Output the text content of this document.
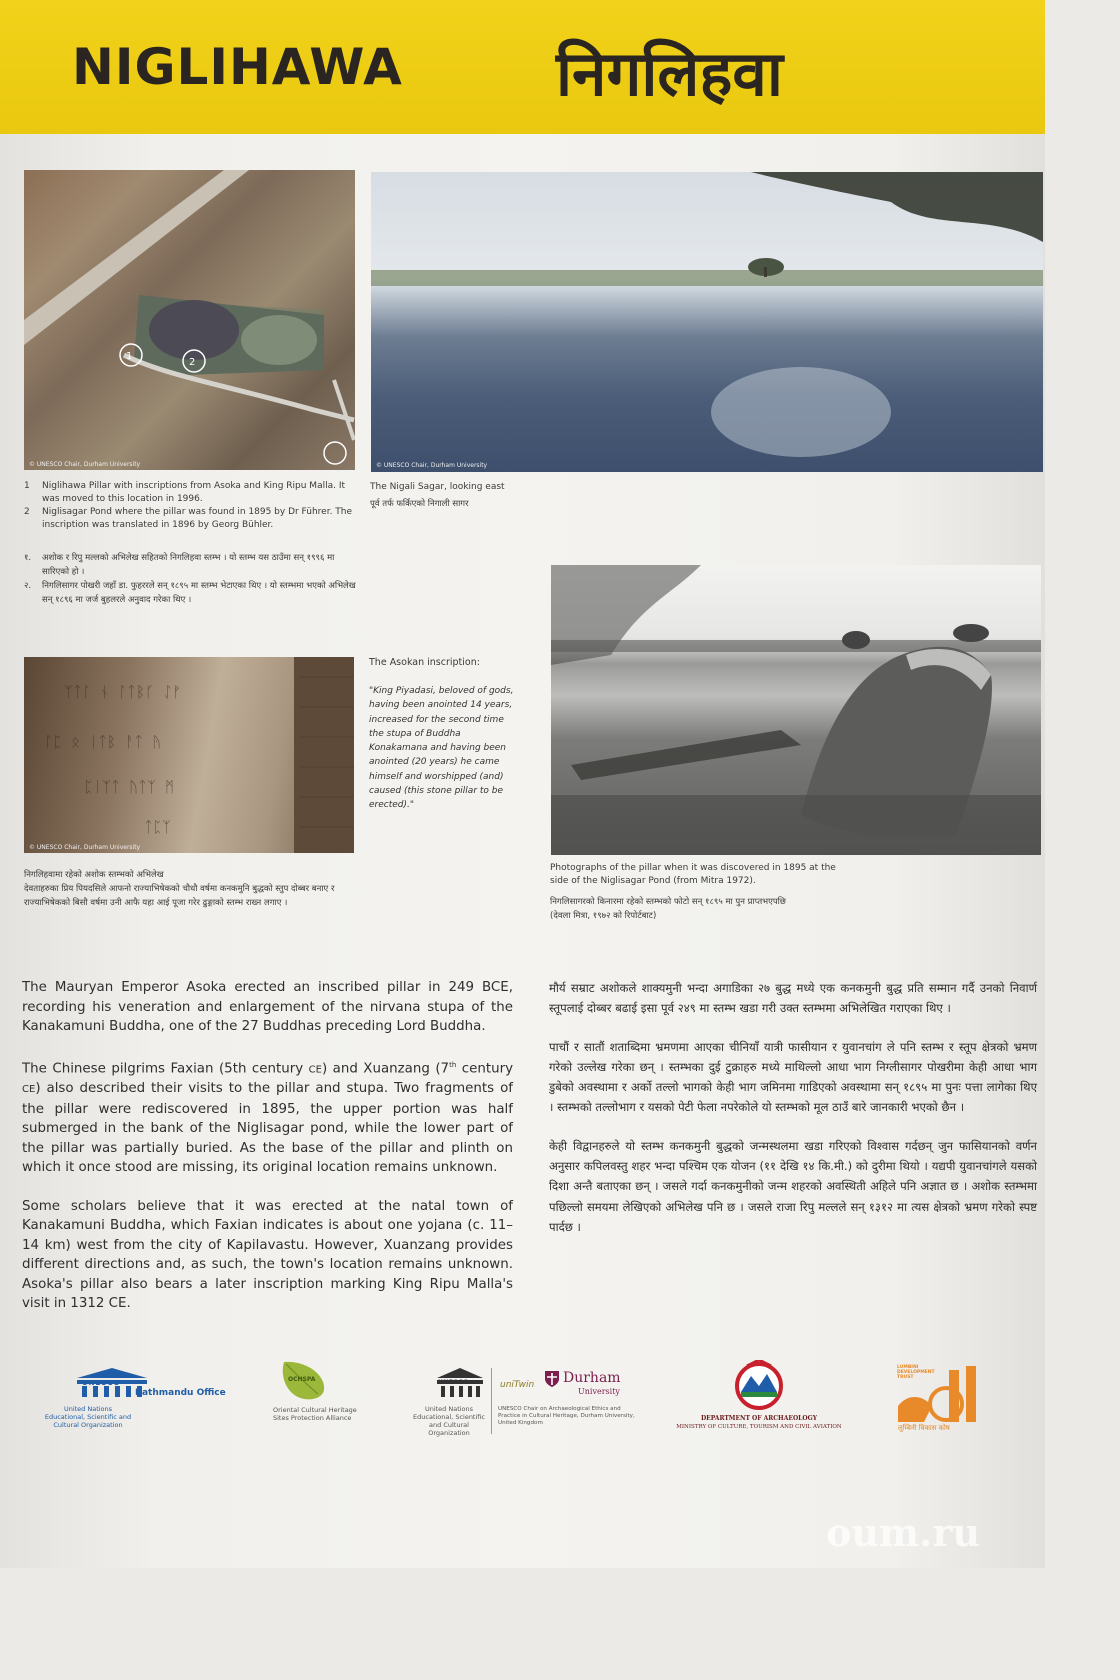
NIGLIHAWA निगलिहवा
1
2
© UNESCO Chair, Durham University	© UNESCO Chair, Durham University
1	Niglihawa Pillar with inscriptions from Asoka and King Ripu Malla. It was moved to this location in 1996.
2	Niglisagar Pond where the pillar was found in 1895 by Dr Führer. The inscription was translated in 1896 by Georg Bühler.
१.	अशोक र रिपु मल्लको अभिलेख सहितको निगलिहवा स्तम्भ । यो स्तम्भ यस ठाउँमा सन् १९९६ मा सारिएको हो ।
२.	निगलिसागर पोखरी जहाँ डा. फुहररले सन् १८९५ मा स्तम्भ भेटाएका थिए । यो स्तम्भमा भएको अभिलेख सन् १८९६ मा जर्ज बुहलरले अनुवाद गरेका थिए ।
The Nigali Sagar, looking east
पूर्व तर्फ फर्किएको निगाली सागर
ᛉᛏᛚ ᚾ ᛚᛏᛒᚴ ᛇᚠ
ᛚᛈ ᛟ ᛁᛏᛒ ᚨᛏ ᚤ
ᛈᛁᛉᛏ ᚢᛏᛉ ᛗ
ᛏᛈᛉ
© UNESCO Chair, Durham University
The Asokan inscription:
"King Piyadasi, beloved of gods, having been anointed 14 years, increased for the second time the stupa of Buddha Konakamana and having been anointed (20 years) he came himself and worshipped (and) caused (this stone pillar to be erected)."
निगलिहवामा रहेको अशोक स्तम्भको अभिलेख
देवताहरुका प्रिय पियदसिले आफनो राज्याभिषेकको चौधौ वर्षमा कनकमुनि बुद्धको स्तुप दोब्बर बनाए र राज्याभिषेकको बिसौ वर्षमा उनी आफै यहा आई पूजा गरेर ढुङ्गाको स्तम्भ राख्न लगाए ।
Photographs of the pillar when it was discovered in 1895 at the side of the Niglisagar Pond (from Mitra 1972).
निगलिसागरको किनारमा रहेको स्तम्भको फोटो सन् १८९५ मा पुन प्राप्तभएपछि
(देवला मित्रा, १९७२ को रिपोर्टबाट)

The Mauryan Emperor Asoka erected an inscribed pillar in 249 BCE, recording his veneration and enlargement of the nirvana stupa of the Kanakamuni Buddha, one of the 27 Buddhas preceding Lord Buddha.

The Chinese pilgrims Faxian (5th century CE) and Xuanzang (7th century CE) also described their visits to the pillar and stupa. Two fragments of the pillar were rediscovered in 1895, the upper portion was half submerged in the bank of the Niglisagar pond, while the lower part of the pillar was partially buried. As the base of the pillar and plinth on which it once stood are missing, its original location remains unknown.

Some scholars believe that it was erected at the natal town of Kanakamuni Buddha, which Faxian indicates is about one yojana (c. 11–14 km) west from the city of Kapilavastu. However, Xuanzang provides different directions and, as such, the town's location remains unknown. Asoka's pillar also bears a later inscription marking King Ripu Malla's visit in 1312 CE.

मौर्य सम्राट अशोकले शाक्यमुनी भन्दा अगाडिका २७ बुद्ध मध्ये एक कनकमुनी बुद्ध प्रति सम्मान गर्दै उनको निवार्ण स्तूपलाई दोब्बर बढाई इसा पूर्व २४९ मा स्तम्भ खडा गरी उक्त स्तम्भमा अभिलेखित गराएका थिए ।

पाचौं र सातौं शताब्दिमा भ्रमणमा आएका चीनियाँ यात्री फासीयान र युवानचांग ले पनि स्तम्भ र स्तूप क्षेत्रको भ्रमण गरेको उल्लेख गरेका छन् । स्तम्भका दुई टुक्राहरु मध्ये माथिल्लो आधा भाग निग्लीसागर पोखरीमा केही आधा भाग डुबेको अवस्थामा र अर्को तल्लो भागको केही भाग जमिनमा गाडिएको अवस्थामा सन् १८९५ मा पुनः पत्ता लागेका थिए । स्तम्भको तल्लोभाग र यसको पेटी फेला नपरेकोले यो स्तम्भको मूल ठाउँ बारे जानकारी भएको छैन ।

केही विद्वानहरुले यो स्तम्भ कनकमुनी बुद्धको जन्मस्थलमा खडा गरिएको विश्वास गर्दछन् जुन फासियानको वर्णन अनुसार कपिलवस्तु शहर भन्दा पश्चिम एक योजन (११ देखि १४ कि.मी.) को दुरीमा थियो । यद्यपी युवानचांगले यसको दिशा अन्तै बताएका छन् । जसले गर्दा कनकमुनीको जन्म शहरको अवस्थिती अहिले पनि अज्ञात छ । अशोक स्तम्भमा पछिल्लो समयमा लेखिएको अभिलेख पनि छ । जसले राजा रिपु मल्लले सन् १३१२ मा त्यस क्षेत्रको भ्रमण गरेको स्पष्ट पार्दछ ।

UNESCO
Kathmandu Office
United Nations Educational, Scientific and Cultural Organization
OCHSPA
Oriental Cultural Heritage Sites Protection Alliance
UNESCO
United Nations Educational, Scientific and Cultural Organization
uniTwin Durham
University
UNESCO Chair on Archaeological Ethics and Practice in Cultural Heritage, Durham University, United Kingdom
DEPARTMENT OF ARCHAEOLOGY
MINISTRY OF CULTURE, TOURISM AND CIVIL AVIATION
LUMBINI DEVELOPMENT TRUST
लुम्बिनी विकास कोष
oum.ru
